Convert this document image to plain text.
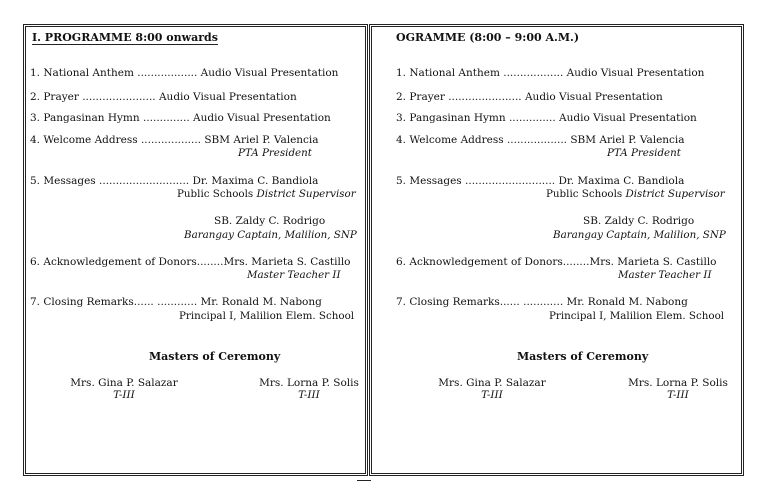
I. PROGRAMME 8:00 onwards
1. National Anthem .................. Audio Visual Presentation
2. Prayer ...................... Audio Visual Presentation
3. Pangasinan Hymn .............. Audio Visual Presentation
4. Welcome Address .................. SBM Ariel P. Valencia
PTA President
5. Messages ........................... Dr. Maxima C. Bandiola
Public Schools District Supervisor
SB. Zaldy C. Rodrigo
Barangay Captain, Malilion, SNP
6. Acknowledgement of Donors........Mrs. Marieta S. Castillo
Master Teacher II
7. Closing Remarks...... ............ Mr. Ronald M. Nabong
Principal I, Malilion Elem. School
Masters of Ceremony
Mrs. Gina P. Salazar
T-III
Mrs. Lorna P. Solis
T-III
OGRAMME (8:00 – 9:00 A.M.)
1. National Anthem .................. Audio Visual Presentation
2. Prayer ...................... Audio Visual Presentation
3. Pangasinan Hymn .............. Audio Visual Presentation
4. Welcome Address .................. SBM Ariel P. Valencia
PTA President
5. Messages ........................... Dr. Maxima C. Bandiola
Public Schools District Supervisor
SB. Zaldy C. Rodrigo
Barangay Captain, Malilion, SNP
6. Acknowledgement of Donors........Mrs. Marieta S. Castillo
Master Teacher II
7. Closing Remarks...... ............ Mr. Ronald M. Nabong
Principal I, Malilion Elem. School
Masters of Ceremony
Mrs. Gina P. Salazar
T-III
Mrs. Lorna P. Solis
T-III
